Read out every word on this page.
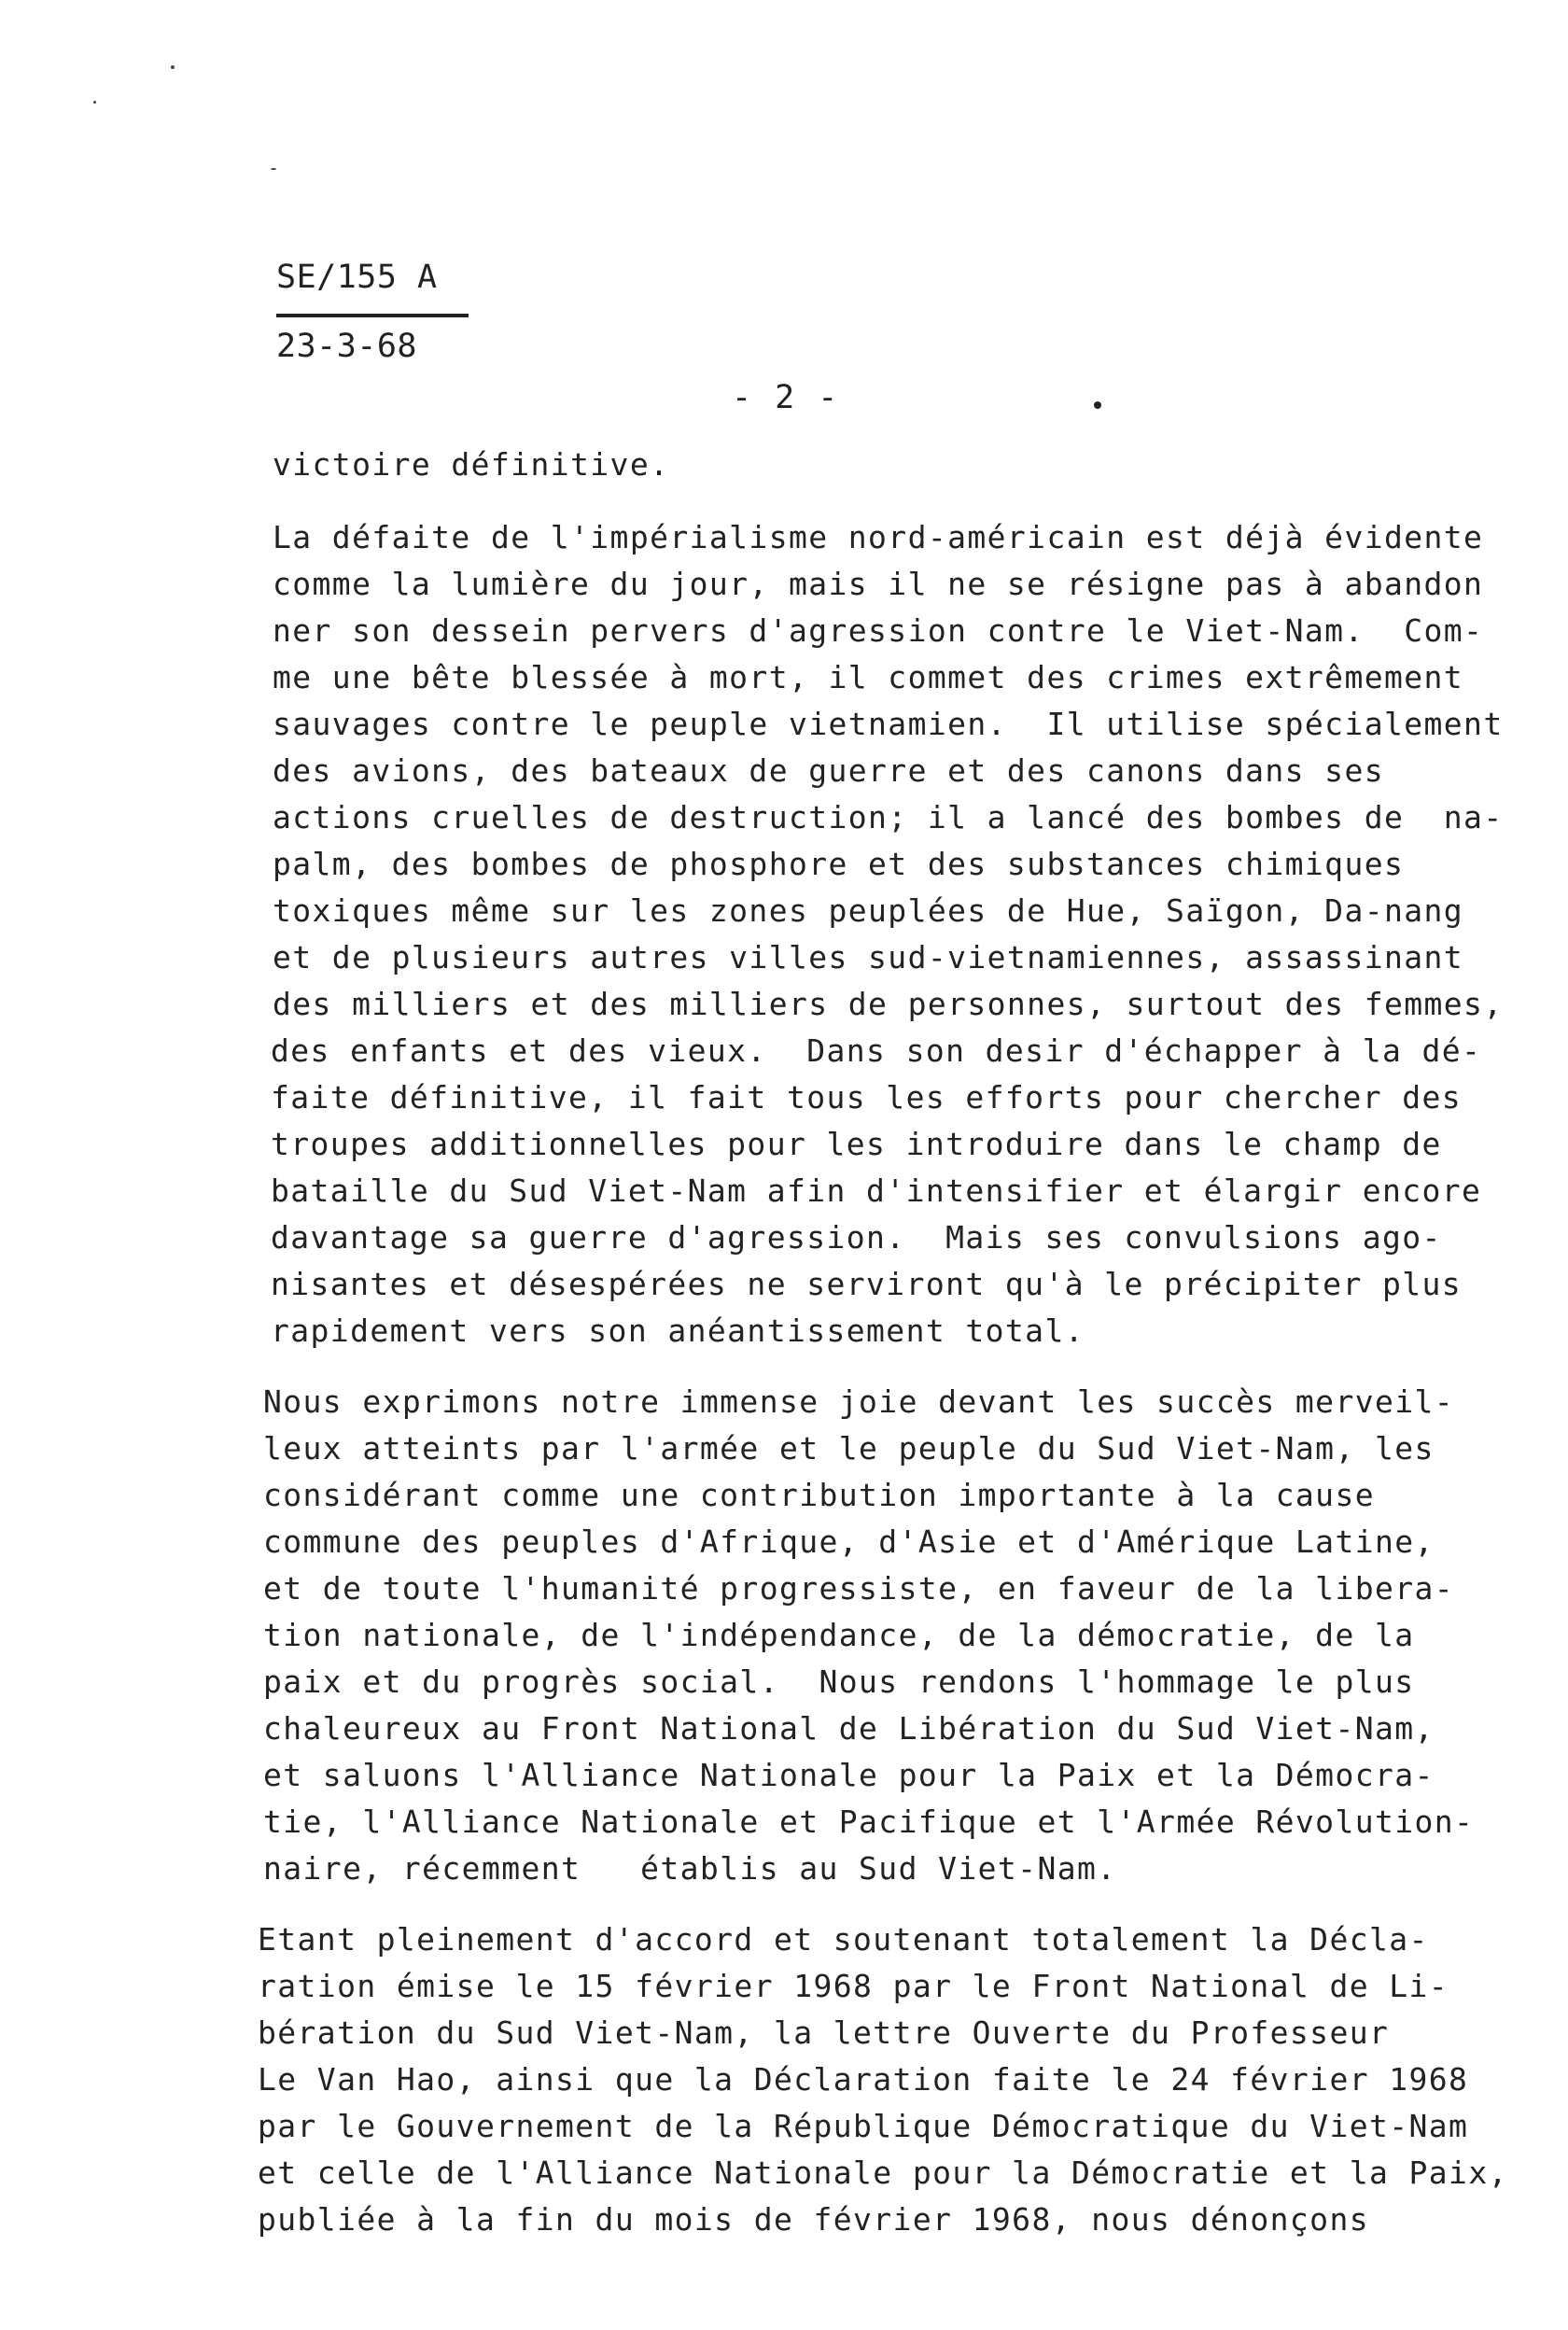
SE/155 A
23-3-68
- 2 -
victoire définitive.
La défaite de l'impérialisme nord-américain est déjà évidente
comme la lumière du jour, mais il ne se résigne pas à abandon
ner son dessein pervers d'agression contre le Viet-Nam.  Com-
me une bête blessée à mort, il commet des crimes extrêmement
sauvages contre le peuple vietnamien.  Il utilise spécialement
des avions, des bateaux de guerre et des canons dans ses
actions cruelles de destruction; il a lancé des bombes de  na-
palm, des bombes de phosphore et des substances chimiques
toxiques même sur les zones peuplées de Hue, Saïgon, Da-nang
et de plusieurs autres villes sud-vietnamiennes, assassinant
des milliers et des milliers de personnes, surtout des femmes,
des enfants et des vieux.  Dans son desir d'échapper à la dé-
faite définitive, il fait tous les efforts pour chercher des
troupes additionnelles pour les introduire dans le champ de
bataille du Sud Viet-Nam afin d'intensifier et élargir encore
davantage sa guerre d'agression.  Mais ses convulsions ago-
nisantes et désespérées ne serviront qu'à le précipiter plus
rapidement vers son anéantissement total.
Nous exprimons notre immense joie devant les succès merveil-
leux atteints par l'armée et le peuple du Sud Viet-Nam, les
considérant comme une contribution importante à la cause
commune des peuples d'Afrique, d'Asie et d'Amérique Latine,
et de toute l'humanité progressiste, en faveur de la libera-
tion nationale, de l'indépendance, de la démocratie, de la
paix et du progrès social.  Nous rendons l'hommage le plus
chaleureux au Front National de Libération du Sud Viet-Nam,
et saluons l'Alliance Nationale pour la Paix et la Démocra-
tie, l'Alliance Nationale et Pacifique et l'Armée Révolution-
naire, récemment   établis au Sud Viet-Nam.
Etant pleinement d'accord et soutenant totalement la Décla-
ration émise le 15 février 1968 par le Front National de Li-
bération du Sud Viet-Nam, la lettre Ouverte du Professeur
Le Van Hao, ainsi que la Déclaration faite le 24 février 1968
par le Gouvernement de la République Démocratique du Viet-Nam
et celle de l'Alliance Nationale pour la Démocratie et la Paix,
publiée à la fin du mois de février 1968, nous dénonçons
